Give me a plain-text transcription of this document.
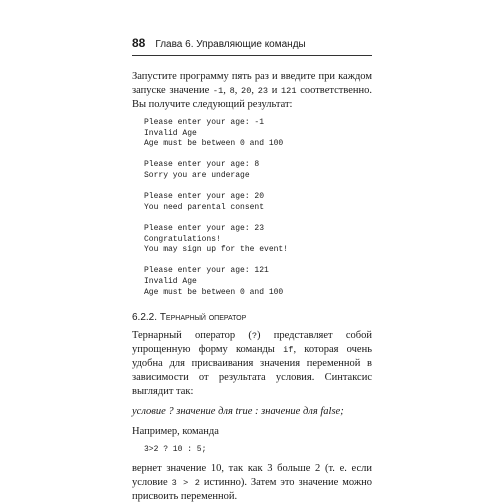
88 Глава 6. Управляющие команды

Запустите программу пять раз и введите при каждом запуске значение -1, 8, 20, 23 и 121 соответственно. Вы получите следующий результат:

Please enter your age: -1
Invalid Age
Age must be between 0 and 100
Please enter your age: 8
Sorry you are underage
Please enter your age: 20
You need parental consent
Please enter your age: 23
Congratulations!
You may sign up for the event!
Please enter your age: 121
Invalid Age
Age must be between 0 and 100
6.2.2. Тернарный оператор

Тернарный оператор (?) представляет собой упрощенную форму команды if, которая очень удобна для присваивания значения переменной в зависимости от результата условия. Синтаксис выглядит так:

условие ? значение для true : значение для false;

Например, команда

3>2 ? 10 : 5;

вернет значение 10, так как 3 больше 2 (т. е. если условие 3 > 2 истинно). Затем это значение можно присвоить переменной.
